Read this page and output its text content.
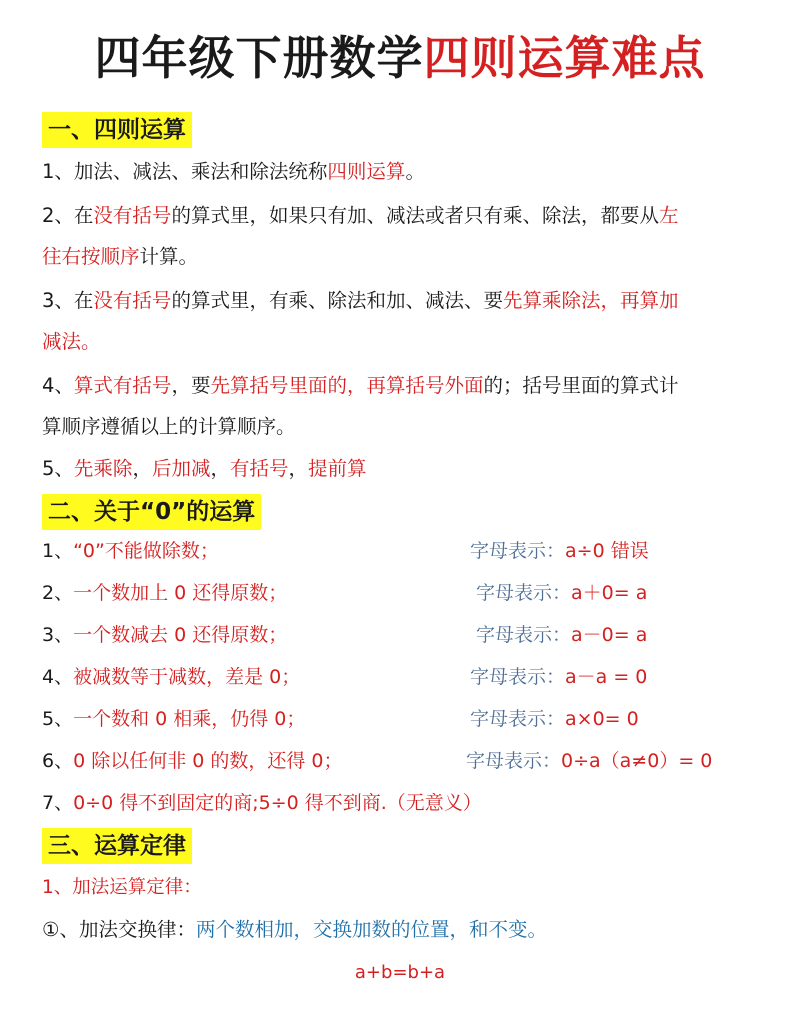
四年级下册数学四则运算难点
一、四则运算
1、加法、减法、乘法和除法统称四则运算。
2、在没有括号的算式里，如果只有加、减法或者只有乘、除法，都要从左
往右按顺序计算。
3、在没有括号的算式里，有乘、除法和加、减法、要先算乘除法，再算加
减法。
4、算式有括号，要先算括号里面的，再算括号外面的；括号里面的算式计
算顺序遵循以上的计算顺序。
5、先乘除，后加减，有括号，提前算
二、关于“0”的运算
1、“0”不能做除数；	字母表示：a÷0 错误
2、一个数加上 0 还得原数；	字母表示：a＋0= a
3、一个数减去 0 还得原数；	字母表示：a－0= a
4、被减数等于减数，差是 0；	字母表示：a－a = 0
5、一个数和 0 相乘，仍得 0；	字母表示：a×0= 0
6、0 除以任何非 0 的数，还得 0；	字母表示：0÷a（a≠0）= 0
7、0÷0 得不到固定的商;5÷0 得不到商.（无意义）
三、运算定律
1、加法运算定律：
①、加法交换律：两个数相加，交换加数的位置，和不变。
a+b=b+a
